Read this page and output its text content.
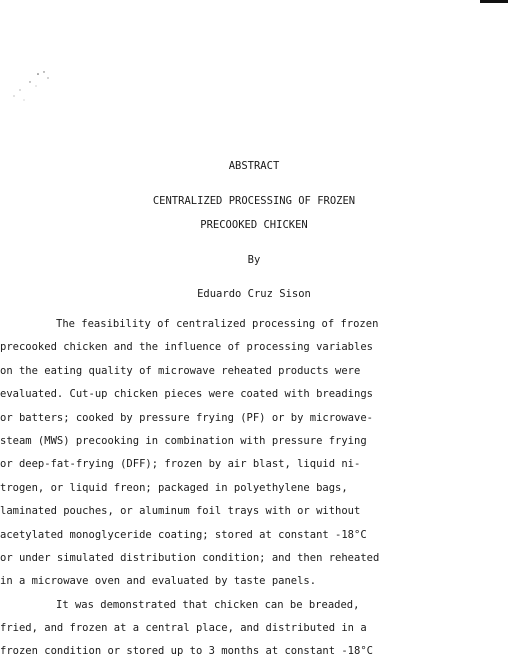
ABSTRACT
CENTRALIZED PROCESSING OF FROZEN
PRECOOKED CHICKEN
By
Eduardo Cruz Sison
The feasibility of centralized processing of frozen
precooked chicken and the influence of processing variables
on the eating quality of microwave reheated products were
evaluated. Cut-up chicken pieces were coated with breadings
or batters; cooked by pressure frying (PF) or by microwave-
steam (MWS) precooking in combination with pressure frying
or deep-fat-frying (DFF); frozen by air blast, liquid ni-
trogen, or liquid freon; packaged in polyethylene bags,
laminated pouches, or aluminum foil trays with or without
acetylated monoglyceride coating; stored at constant -18°C
or under simulated distribution condition; and then reheated
in a microwave oven and evaluated by taste panels.
It was demonstrated that chicken can be breaded,
fried, and frozen at a central place, and distributed in a
frozen condition or stored up to 3 months at constant -18°C
